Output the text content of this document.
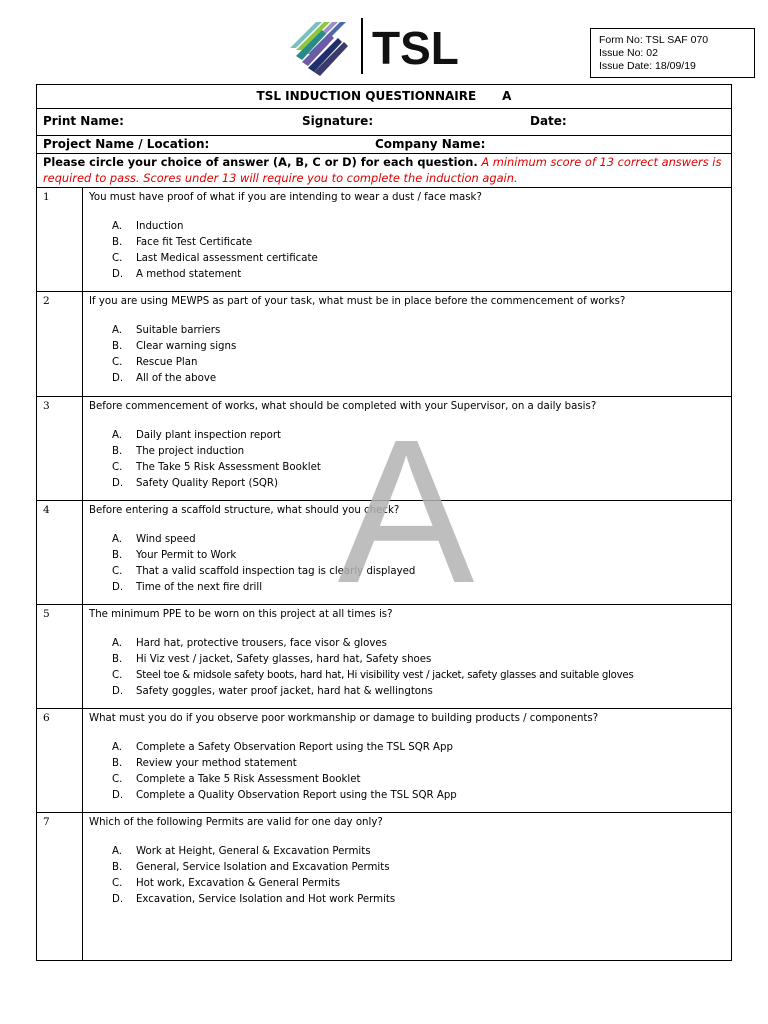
TSL	Form No: TSL SAF 070
Issue No: 02
Issue Date: 18/09/19
TSL INDUCTION QUESTIONNAIRE A
Print Name:	Signature:	Date:
Project Name / Location:	Company Name:
Please circle your choice of answer (A, B, C or D) for each question. A minimum score of 13 correct answers is
required to pass. Scores under 13 will require you to complete the induction again.
1	You must have proof of what if you are intending to wear a dust / face mask?
A. Induction
B. Face fit Test Certificate
C. Last Medical assessment certificate
D. A method statement
2	If you are using MEWPS as part of your task, what must be in place before the commencement of works?
A. Suitable barriers
B. Clear warning signs
C. Rescue Plan
D. All of the above
3	Before commencement of works, what should be completed with your Supervisor, on a daily basis?
A. Daily plant inspection report
B. The project induction
C. The Take 5 Risk Assessment Booklet
D. Safety Quality Report (SQR)
4	Before entering a scaffold structure, what should you check?
A. Wind speed
B. Your Permit to Work
C. That a valid scaffold inspection tag is clearly displayed
D. Time of the next fire drill
5	The minimum PPE to be worn on this project at all times is?
A. Hard hat, protective trousers, face visor & gloves
B. Hi Viz vest / jacket, Safety glasses, hard hat, Safety shoes
C. Steel toe & midsole safety boots, hard hat, Hi visibility vest / jacket, safety glasses and suitable gloves
D. Safety goggles, water proof jacket, hard hat & wellingtons
6	What must you do if you observe poor workmanship or damage to building products / components?
A. Complete a Safety Observation Report using the TSL SQR App
B. Review your method statement
C. Complete a Take 5 Risk Assessment Booklet
D. Complete a Quality Observation Report using the TSL SQR App
7	Which of the following Permits are valid for one day only?
A. Work at Height, General & Excavation Permits
B. General, Service Isolation and Excavation Permits
C. Hot work, Excavation & General Permits
D. Excavation, Service Isolation and Hot work Permits
A
